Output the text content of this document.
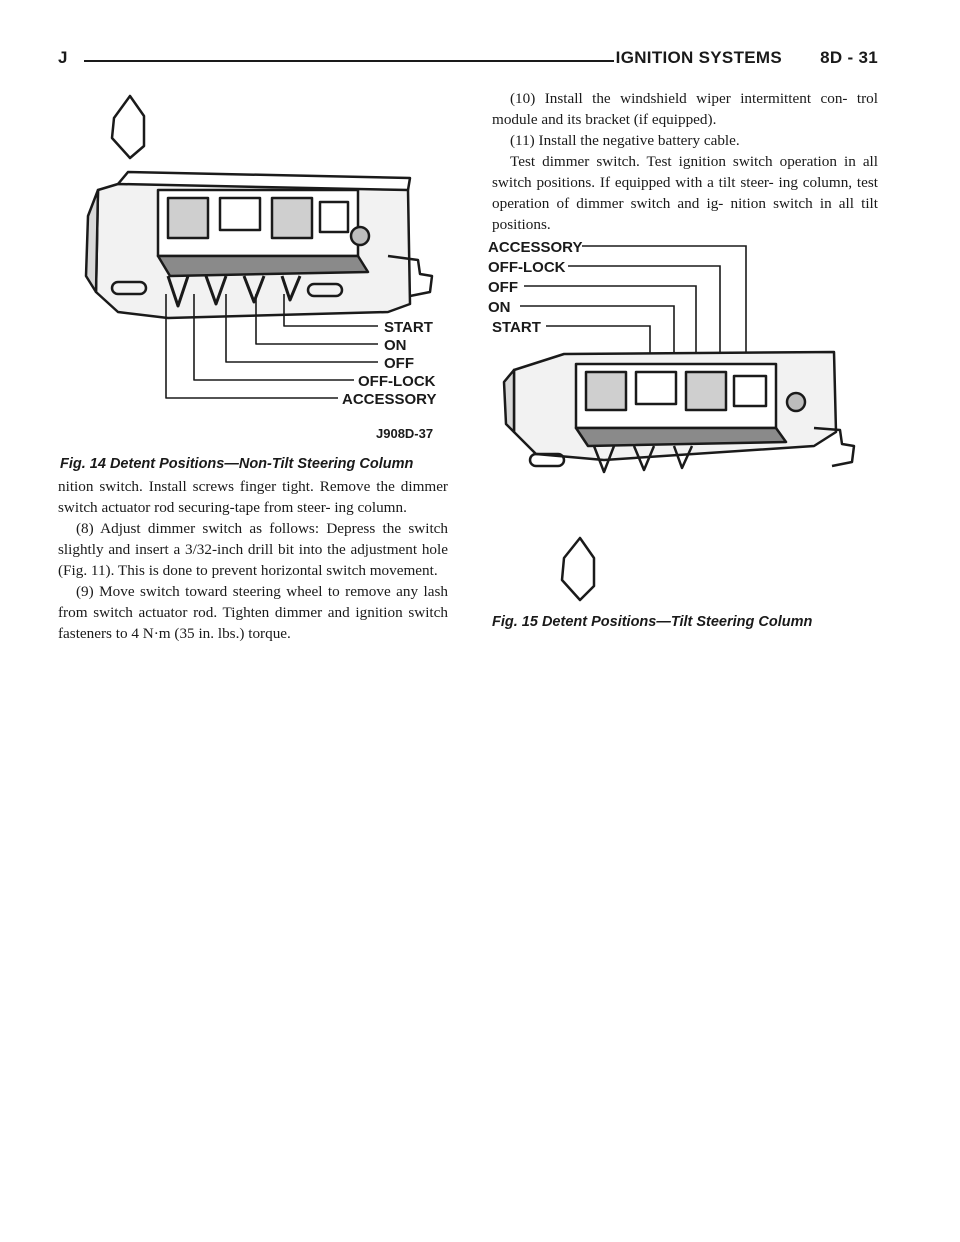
J	IGNITION SYSTEMS 8D - 31
START
ON
OFF
OFF-LOCK
ACCESSORY
J908D-37
Fig. 14 Detent Positions—Non-Tilt Steering Column
ACCESSORY
OFF-LOCK
OFF
ON
START
Fig. 15 Detent Positions—Tilt Steering Column

nition switch. Install screws finger tight. Remove the dimmer switch actuator rod securing-tape from steer- ing column.

(8) Adjust dimmer switch as follows: Depress the switch slightly and insert a 3/32-inch drill bit into the adjustment hole (Fig. 11). This is done to prevent horizontal switch movement.

(9) Move switch toward steering wheel to remove any lash from switch actuator rod. Tighten dimmer and ignition switch fasteners to 4 N·m (35 in. lbs.) torque.

(10) Install the windshield wiper intermittent con- trol module and its bracket (if equipped).

(11) Install the negative battery cable.

Test dimmer switch. Test ignition switch operation in all switch positions. If equipped with a tilt steer- ing column, test operation of dimmer switch and ig- nition switch in all tilt positions.
